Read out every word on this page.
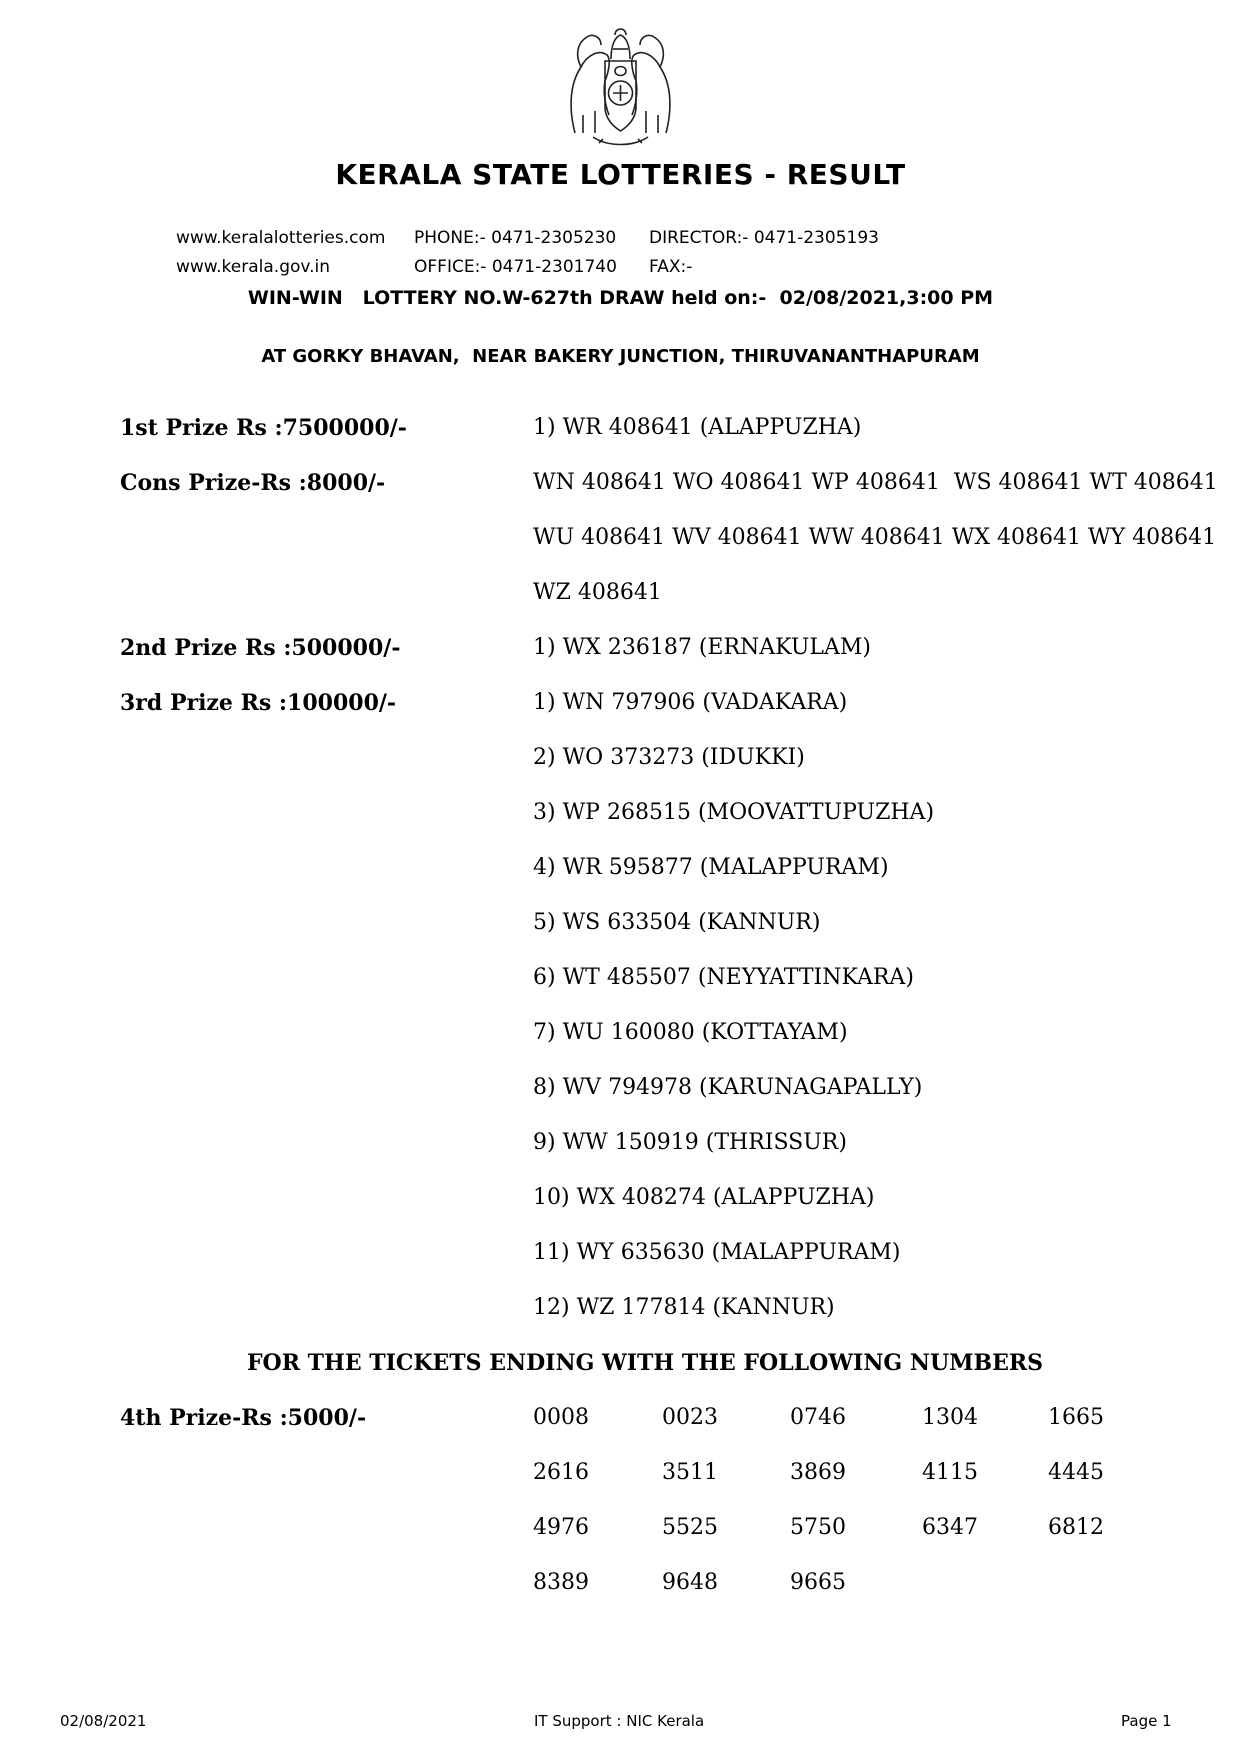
KERALA STATE LOTTERIES - RESULT
www.keralalotteries.com PHONE:- 0471-2305230 DIRECTOR:- 0471-2305193
www.kerala.gov.in	OFFICE:- 0471-2301740 FAX:-
WIN-WIN   LOTTERY NO.W-627th DRAW held on:-  02/08/2021,3:00 PM
AT GORKY BHAVAN,  NEAR BAKERY JUNCTION, THIRUVANANTHAPURAM
1st Prize Rs :7500000/-	1) WR 408641 (ALAPPUZHA)
Cons Prize-Rs :8000/-	WN 408641 WO 408641 WP 408641  WS 408641 WT 408641
WU 408641 WV 408641 WW 408641 WX 408641 WY 408641
WZ 408641
2nd Prize Rs :500000/-	1) WX 236187 (ERNAKULAM)
3rd Prize Rs :100000/-	1) WN 797906 (VADAKARA)
2) WO 373273 (IDUKKI)
3) WP 268515 (MOOVATTUPUZHA)
4) WR 595877 (MALAPPURAM)
5) WS 633504 (KANNUR)
6) WT 485507 (NEYYATTINKARA)
7) WU 160080 (KOTTAYAM)
8) WV 794978 (KARUNAGAPALLY)
9) WW 150919 (THRISSUR)
10) WX 408274 (ALAPPUZHA)
11) WY 635630 (MALAPPURAM)
12) WZ 177814 (KANNUR)
FOR THE TICKETS ENDING WITH THE FOLLOWING NUMBERS
4th Prize-Rs :5000/-	0008	0023	0746	1304	1665
2616	3511	3869	4115	4445
4976	5525	5750	6347	6812
8389	9648	9665
02/08/2021	IT Support : NIC Kerala	Page 1
